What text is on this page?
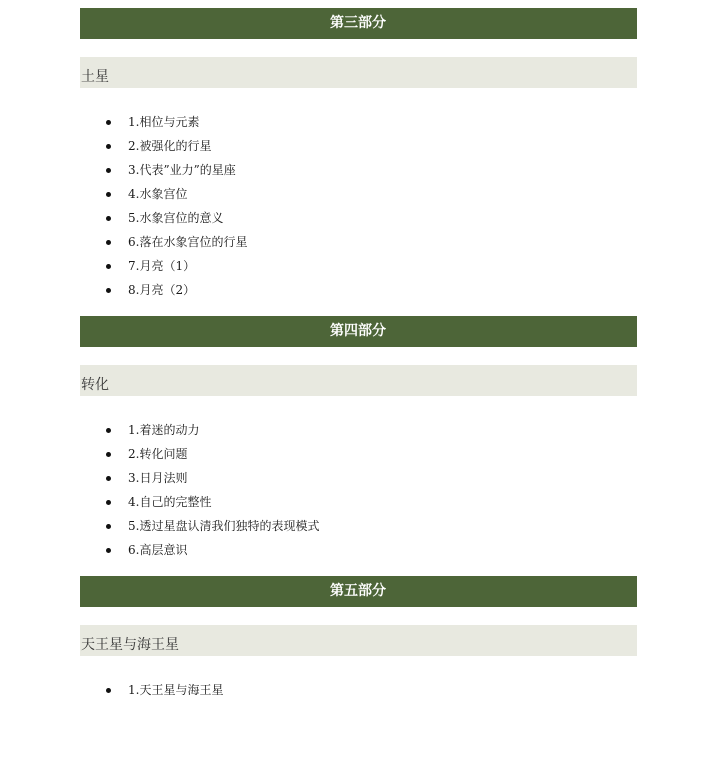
第三部分
土星
1.相位与元素
2.被强化的行星
3.代表”业力”的星座
4.水象宫位
5.水象宫位的意义
6.落在水象宫位的行星
7.月亮（1）
8.月亮（2）
第四部分
转化
1.着迷的动力
2.转化问题
3.日月法则
4.自己的完整性
5.透过星盘认清我们独特的表现模式
6.高层意识
第五部分
天王星与海王星
1.天王星与海王星
